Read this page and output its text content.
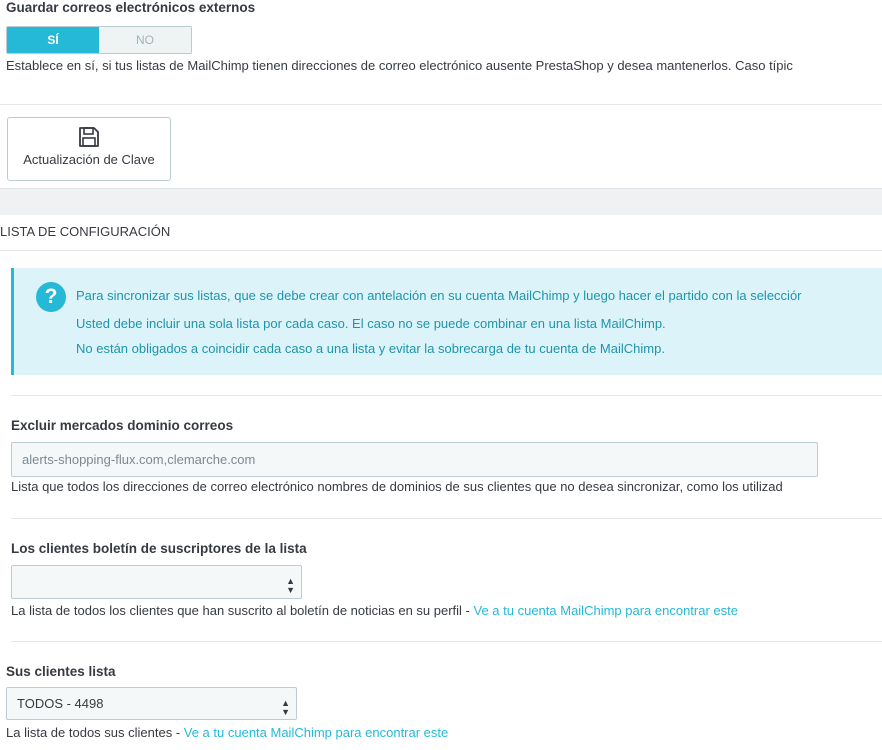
Guardar correos electrónicos externos
SÍ	NO
Establece en sí, si tus listas de MailChimp tienen direcciones de correo electrónico ausente PrestaShop y desea mantenerlos. Caso típic
Actualización de Clave
LISTA DE CONFIGURACIÓN
?	Para sincronizar sus listas, que se debe crear con antelación en su cuenta MailChimp y luego hacer el partido con la selecciór
Usted debe incluir una sola lista por cada caso. El caso no se puede combinar en una lista MailChimp.
No están obligados a coincidir cada caso a una lista y evitar la sobrecarga de tu cuenta de MailChimp.
Excluir mercados dominio correos
alerts-shopping-flux.com,clemarche.com
Lista que todos los direcciones de correo electrónico nombres de dominios de sus clientes que no desea sincronizar, como los utilizad
Los clientes boletín de suscriptores de la lista
▲
▼
La lista de todos los clientes que han suscrito al boletín de noticias en su perfil - Ve a tu cuenta MailChimp para encontrar este
Sus clientes lista
TODOS - 4498	▲
▼
La lista de todos sus clientes - Ve a tu cuenta MailChimp para encontrar este
